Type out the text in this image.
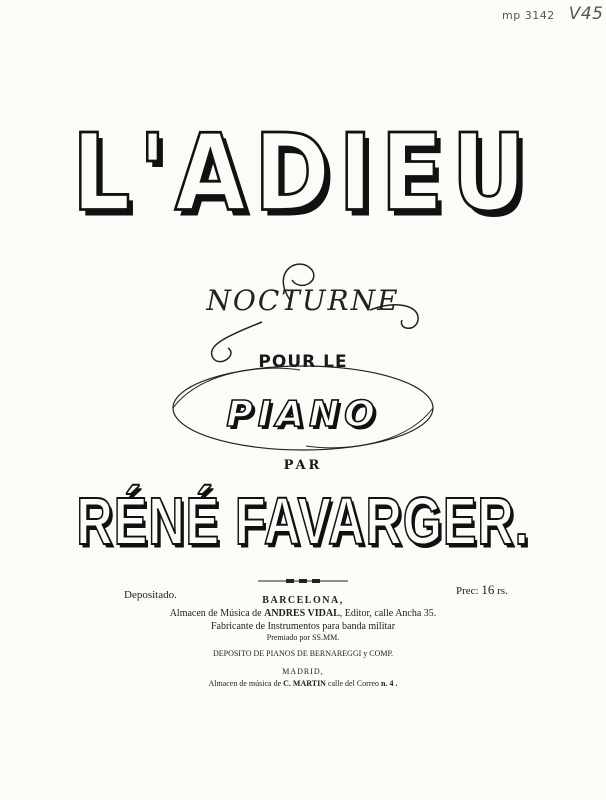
mp 3142 V45
L'ADIEU
NOCTURNE
POUR LE
PIANO
PAR
RÉNÉ FAVARGER.
Depositado.	Prec: 16 rs.
BARCELONA,
Almacen de Música de ANDRES VIDAL, Editor, calle Ancha 35.
Fabricante de Instrumentos para banda militar
Premiado por SS.MM.
DEPOSITO DE PIANOS DE BERNAREGGI y COMP.
MADRID,
Almacen de música de C. MARTIN calle del Correo n. 4 .
